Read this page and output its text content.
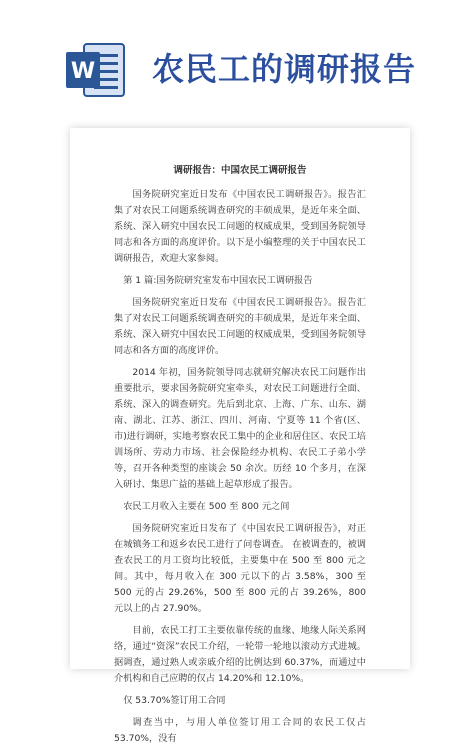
W 农民工的调研报告
调研报告：中国农民工调研报告

国务院研究室近日发布《中国农民工调研报告》。报告汇集了对农民工问题系统调查研究的丰硕成果，是近年来全面、系统、深入研究中国农民工问题的权威成果，受到国务院领导同志和各方面的高度评价。以下是小编整理的关于中国农民工调研报告，欢迎大家参阅。

第 1 篇:国务院研究室发布中国农民工调研报告

国务院研究室近日发布《中国农民工调研报告》。报告汇集了对农民工问题系统调查研究的丰硕成果，是近年来全面、系统、深入研究中国农民工问题的权威成果，受到国务院领导同志和各方面的高度评价。

2014 年初，国务院领导同志就研究解决农民工问题作出重要批示，要求国务院研究室牵头，对农民工问题进行全面、系统、深入的调查研究。先后到北京、上海、广东、山东、湖南、湖北、江苏、浙江、四川、河南、宁夏等 11 个省(区、市)进行调研，实地考察农民工集中的企业和居住区、农民工培训场所、劳动力市场、社会保险经办机构、农民工子弟小学等，召开各种类型的座谈会 50 余次。历经 10 个多月，在深入研讨、集思广益的基础上起草形成了报告。

农民工月收入主要在 500 至 800 元之间

国务院研究室近日发布了《中国农民工调研报告》，对正在城镇务工和返乡农民工进行了问卷调查。 在被调查的，被调查农民工的月工资均比较低，主要集中在 500 至 800 元之间。其中，每月收入在 300 元以下的占 3.58%，300 至 500 元的占 29.26%，500 至 800 元的占 39.26%，800 元以上的占 27.90%。

目前，农民工打工主要依靠传统的血缘、地缘人际关系网络，通过“资深”农民工介绍，一轮带一轮地以滚动方式进城。据调查，通过熟人或亲戚介绍的比例达到 60.37%，而通过中介机构和自己应聘的仅占 14.20%和 12.10%。

仅 53.70%签订用工合同

调查当中，与用人单位签订用工合同的农民工仅占 53.70%，没有
